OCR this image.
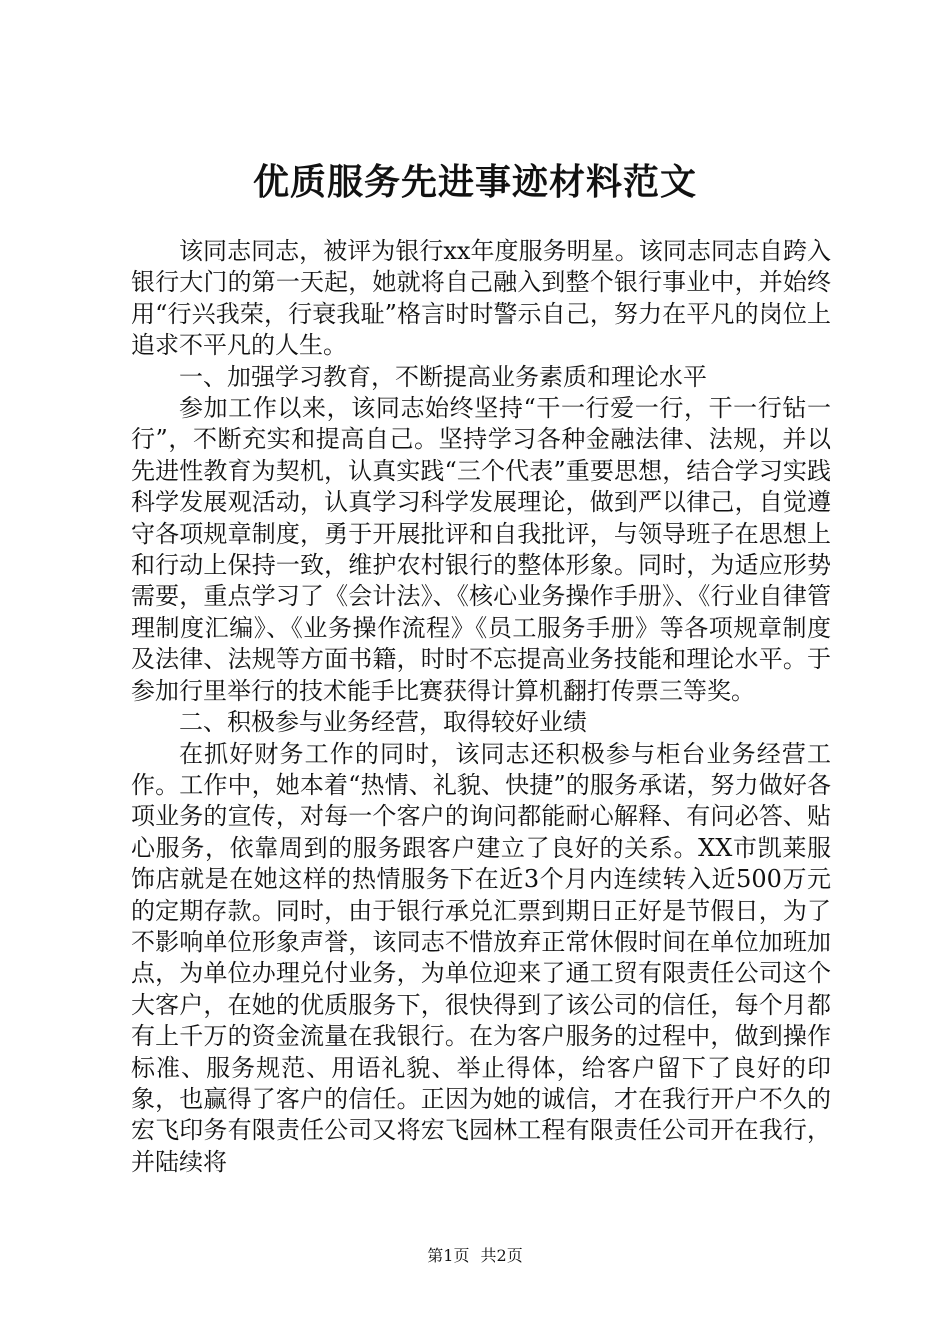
优质服务先进事迹材料范文

该同志同志，被评为银行xx年度服务明星。该同志同志自跨入银行大门的第一天起，她就将自己融入到整个银行事业中，并始终用“行兴我荣，行衰我耻”格言时时警示自己，努力在平凡的岗位上追求不平凡的人生。

一、加强学习教育，不断提高业务素质和理论水平

参加工作以来，该同志始终坚持“干一行爱一行，干一行钻一行”，不断充实和提高自己。坚持学习各种金融法律、法规，并以先进性教育为契机，认真实践“三个代表”重要思想，结合学习实践科学发展观活动，认真学习科学发展理论，做到严以律己，自觉遵守各项规章制度，勇于开展批评和自我批评，与领导班子在思想上和行动上保持一致，维护农村银行的整体形象。同时，为适应形势需要，重点学习了《会计法》、《核心业务操作手册》、《行业自律管理制度汇编》、《业务操作流程》《员工服务手册》等各项规章制度及法律、法规等方面书籍，时时不忘提高业务技能和理论水平。于参加行里举行的技术能手比赛获得计算机翻打传票三等奖。

二、积极参与业务经营，取得较好业绩

在抓好财务工作的同时，该同志还积极参与柜台业务经营工作。工作中，她本着“热情、礼貌、快捷”的服务承诺，努力做好各项业务的宣传，对每一个客户的询问都能耐心解释、有问必答、贴心服务，依靠周到的服务跟客户建立了良好的关系。XX市凯莱服饰店就是在她这样的热情服务下在近3个月内连续转入近500万元的定期存款。同时，由于银行承兑汇票到期日正好是节假日，为了不影响单位形象声誉，该同志不惜放弃正常休假时间在单位加班加点，为单位办理兑付业务，为单位迎来了通工贸有限责任公司这个大客户，在她的优质服务下，很快得到了该公司的信任，每个月都有上千万的资金流量在我银行。在为客户服务的过程中，做到操作标准、服务规范、用语礼貌、举止得体，给客户留下了良好的印象，也赢得了客户的信任。正因为她的诚信，才在我行开户不久的宏飞印务有限责任公司又将宏飞园林工程有限责任公司开在我行，并陆续将

第1页 共2页
